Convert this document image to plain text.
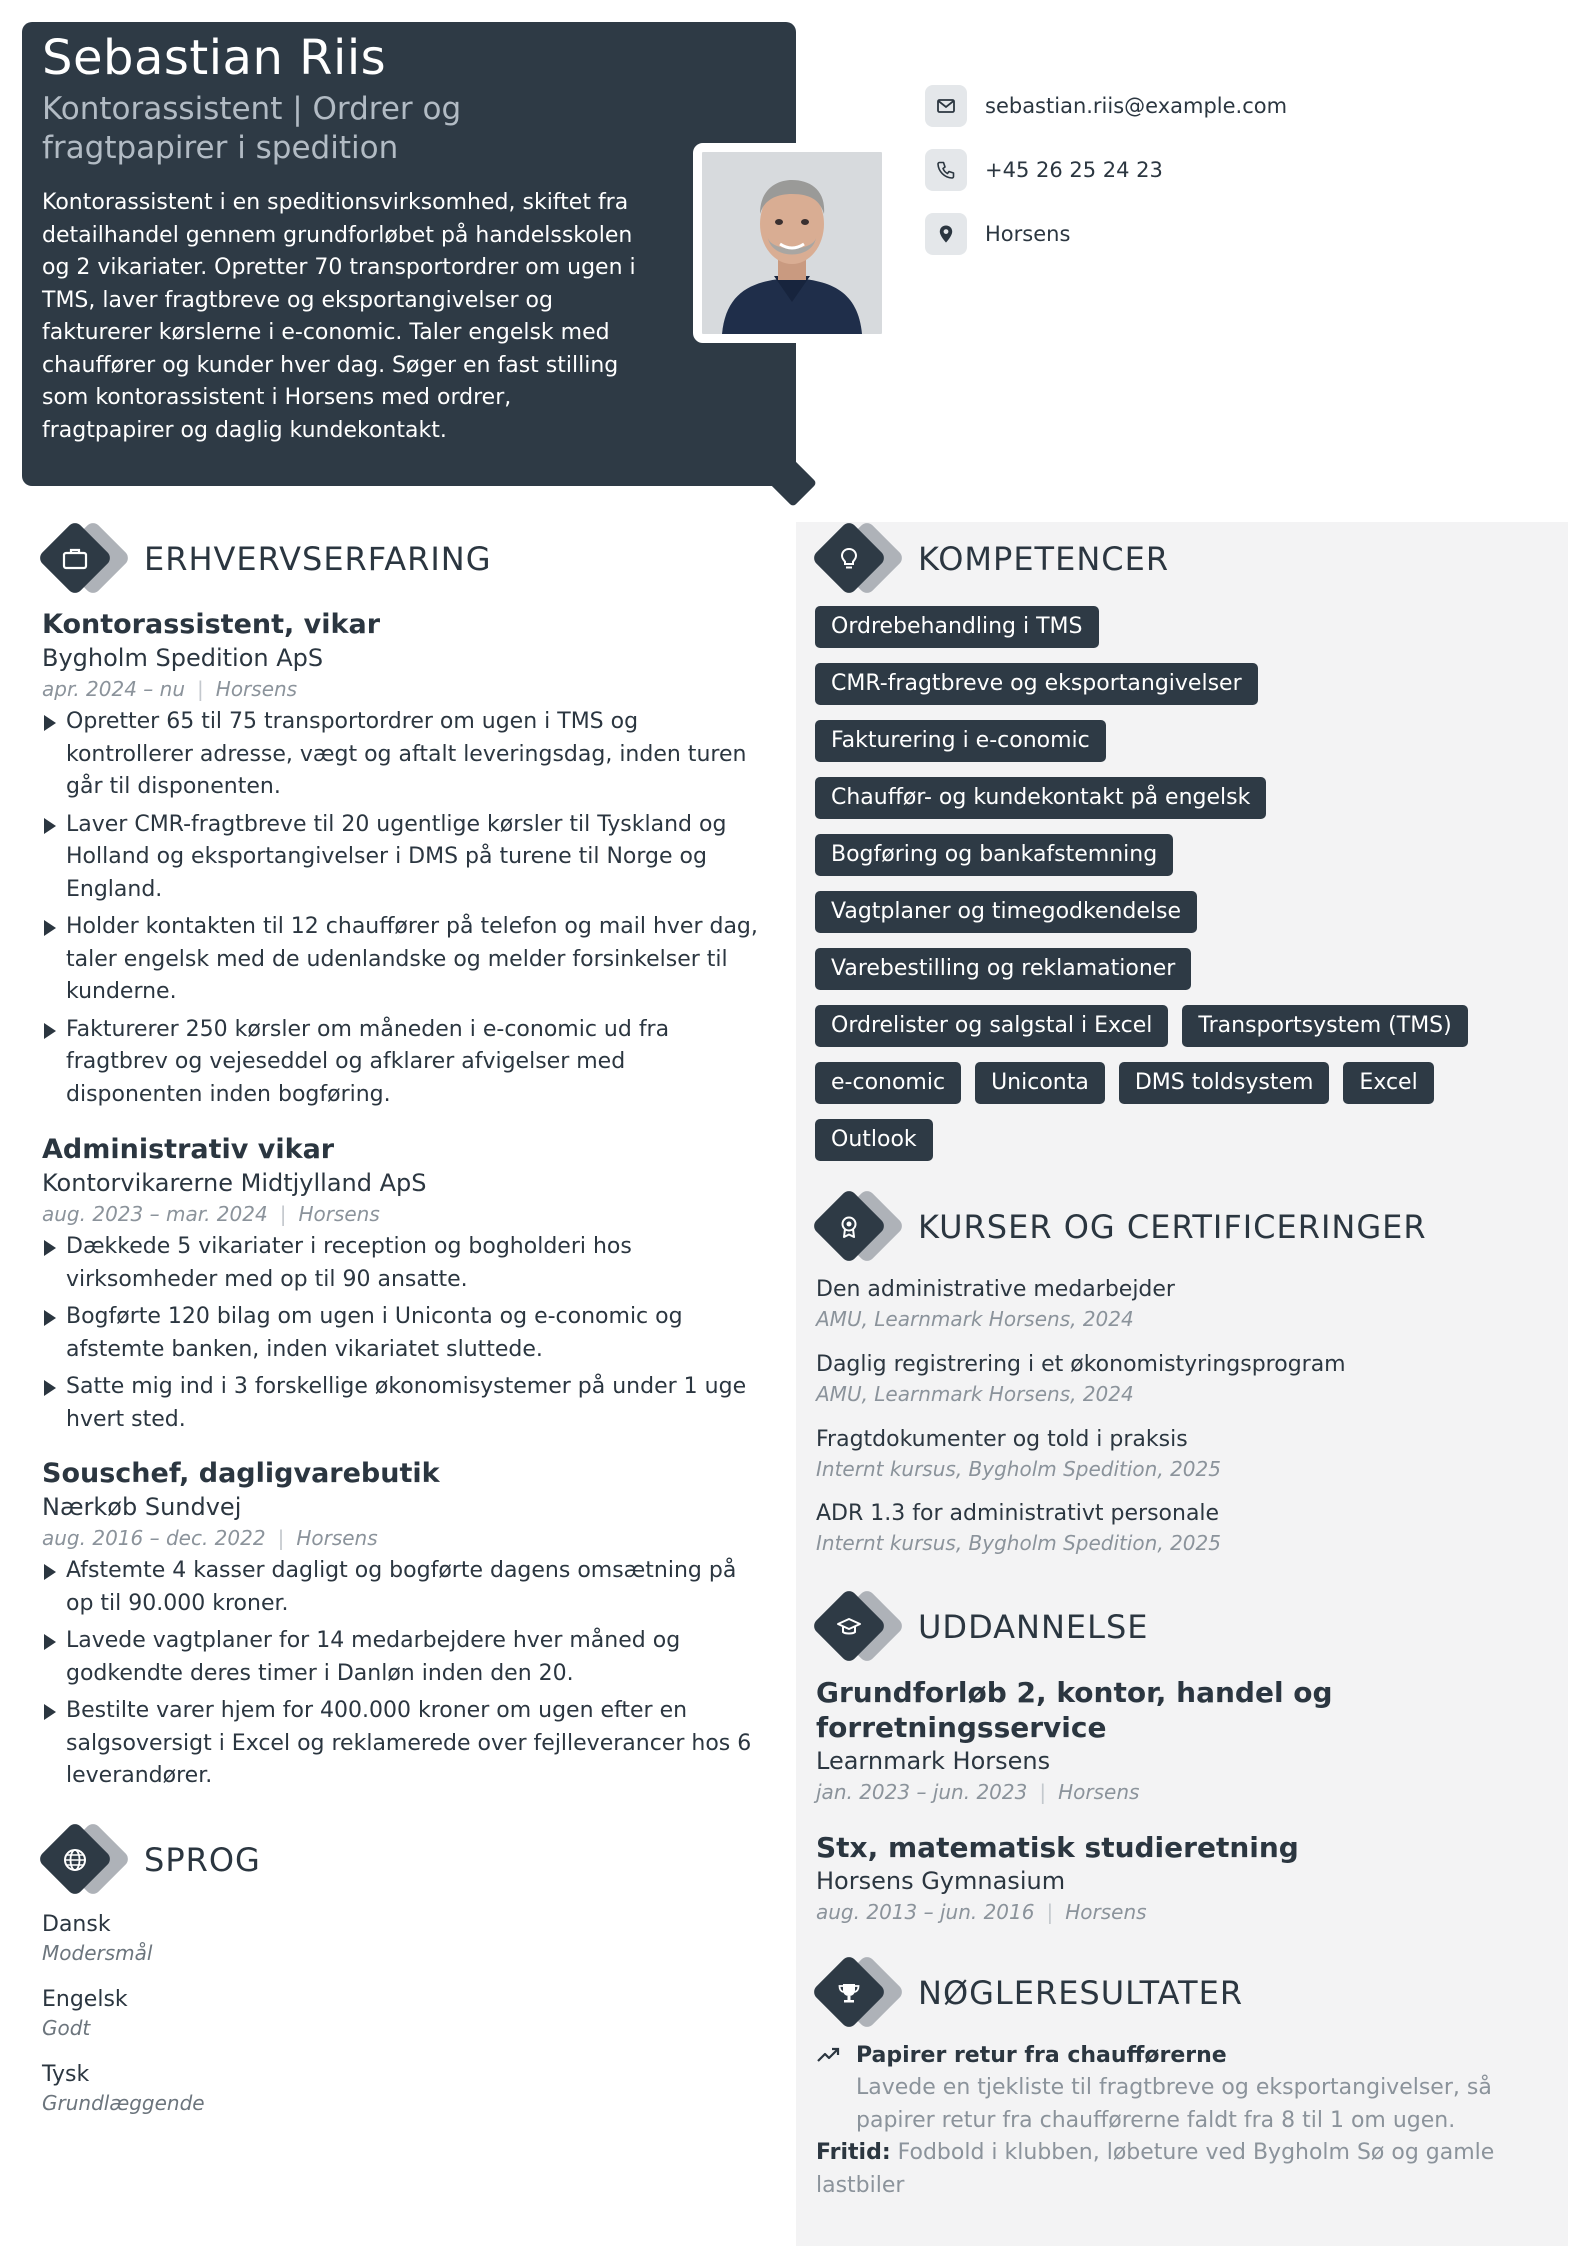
Sebastian Riis
Kontorassistent | Ordrer og fragtpapirer i spedition
Kontorassistent i en speditionsvirksomhed, skiftet fra detailhandel gennem grundforløbet på handelsskolen og 2 vikariater. Opretter 70 transportordrer om ugen i TMS, laver fragtbreve og eksportangivelser og fakturerer kørslerne i e-conomic. Taler engelsk med chauffører og kunder hver dag. Søger en fast stilling som kontorassistent i Horsens med ordrer, fragtpapirer og daglig kundekontakt.
sebastian.riis@example.com
+45 26 25 24 23
Horsens
ERHVERVSERFARING
Kontorassistent, vikar
Bygholm Spedition ApS
apr. 2024 – nu | Horsens
Opretter 65 til 75 transportordrer om ugen i TMS og kontrollerer adresse, vægt og aftalt leveringsdag, inden turen går til disponenten.
Laver CMR-fragtbreve til 20 ugentlige kørsler til Tyskland og Holland og eksportangivelser i DMS på turene til Norge og England.
Holder kontakten til 12 chauffører på telefon og mail hver dag, taler engelsk med de udenlandske og melder forsinkelser til kunderne.
Fakturerer 250 kørsler om måneden i e-conomic ud fra fragtbrev og vejeseddel og afklarer afvigelser med disponenten inden bogføring.
Administrativ vikar
Kontorvikarerne Midtjylland ApS
aug. 2023 – mar. 2024 | Horsens
Dækkede 5 vikariater i reception og bogholderi hos virksomheder med op til 90 ansatte.
Bogførte 120 bilag om ugen i Uniconta og e-conomic og afstemte banken, inden vikariatet sluttede.
Satte mig ind i 3 forskellige økonomisystemer på under 1 uge hvert sted.
Souschef, dagligvarebutik
Nærkøb Sundvej
aug. 2016 – dec. 2022 | Horsens
Afstemte 4 kasser dagligt og bogførte dagens omsætning på op til 90.000 kroner.
Lavede vagtplaner for 14 medarbejdere hver måned og godkendte deres timer i Danløn inden den 20.
Bestilte varer hjem for 400.000 kroner om ugen efter en salgsoversigt i Excel og reklamerede over fejlleverancer hos 6 leverandører.
SPROG
Dansk
Modersmål
Engelsk
Godt
Tysk
Grundlæggende
KOMPETENCER
Ordrebehandling i TMS
CMR-fragtbreve og eksportangivelser
Fakturering i e-conomic
Chauffør- og kundekontakt på engelsk
Bogføring og bankafstemning
Vagtplaner og timegodkendelse
Varebestilling og reklamationer
Ordrelister og salgstal i Excel	Transportsystem (TMS)
e-conomic	Uniconta	DMS toldsystem	Excel
Outlook
KURSER OG CERTIFICERINGER
Den administrative medarbejder
AMU, Learnmark Horsens, 2024
Daglig registrering i et økonomistyringsprogram
AMU, Learnmark Horsens, 2024
Fragtdokumenter og told i praksis
Internt kursus, Bygholm Spedition, 2025
ADR 1.3 for administrativt personale
Internt kursus, Bygholm Spedition, 2025
UDDANNELSE
Grundforløb 2, kontor, handel og forretningsservice
Learnmark Horsens
jan. 2023 – jun. 2023 | Horsens
Stx, matematisk studieretning
Horsens Gymnasium
aug. 2013 – jun. 2016 | Horsens
NØGLERESULTATER
Papirer retur fra chaufførerne
Lavede en tjekliste til fragtbreve og eksportangivelser, så papirer retur fra chaufførerne faldt fra 8 til 1 om ugen.
Fritid: Fodbold i klubben, løbeture ved Bygholm Sø og gamle lastbiler
